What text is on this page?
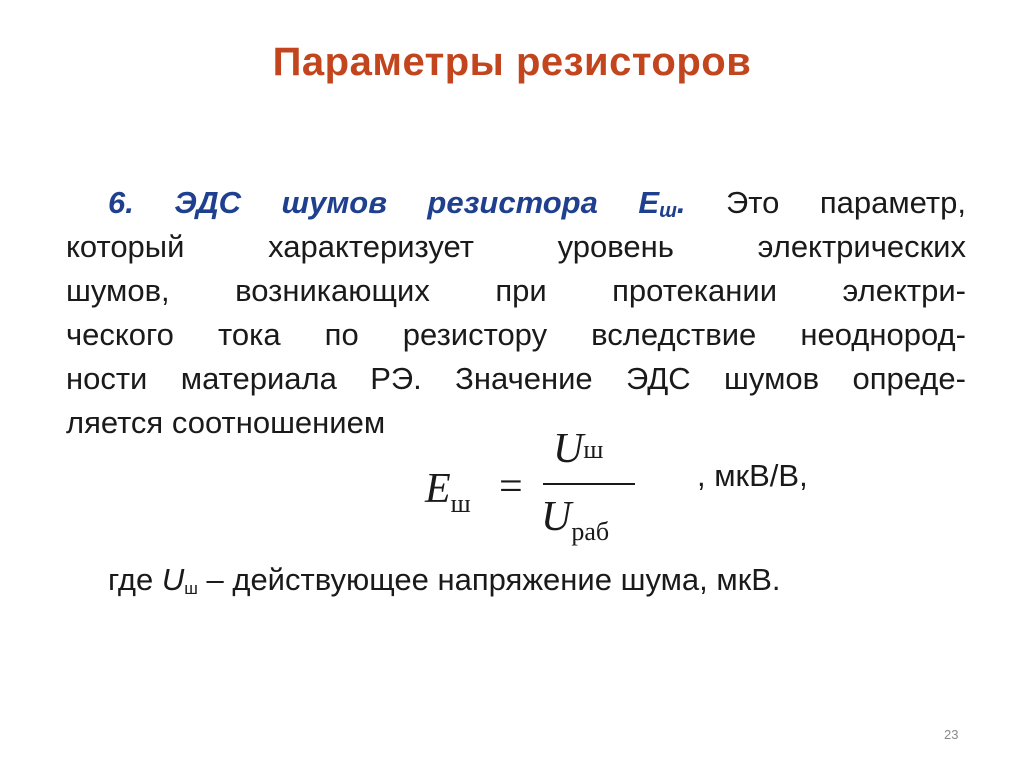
Параметры резисторов
6. ЭДС шумов резистора $E_ш$. Это параметр,
который	характеризует	уровень	электрических
шумов, возникающих при протекании электри-
ческого тока по резистору вследствие неоднород-
ности материала РЭ. Значение ЭДС шумов опреде-
ляется
соотношением
$E_ш$ =
Uш
$U_{раб}$
, мкВ/В,
где $U_ш$ – действующее напряжение шума, мкВ.
23
